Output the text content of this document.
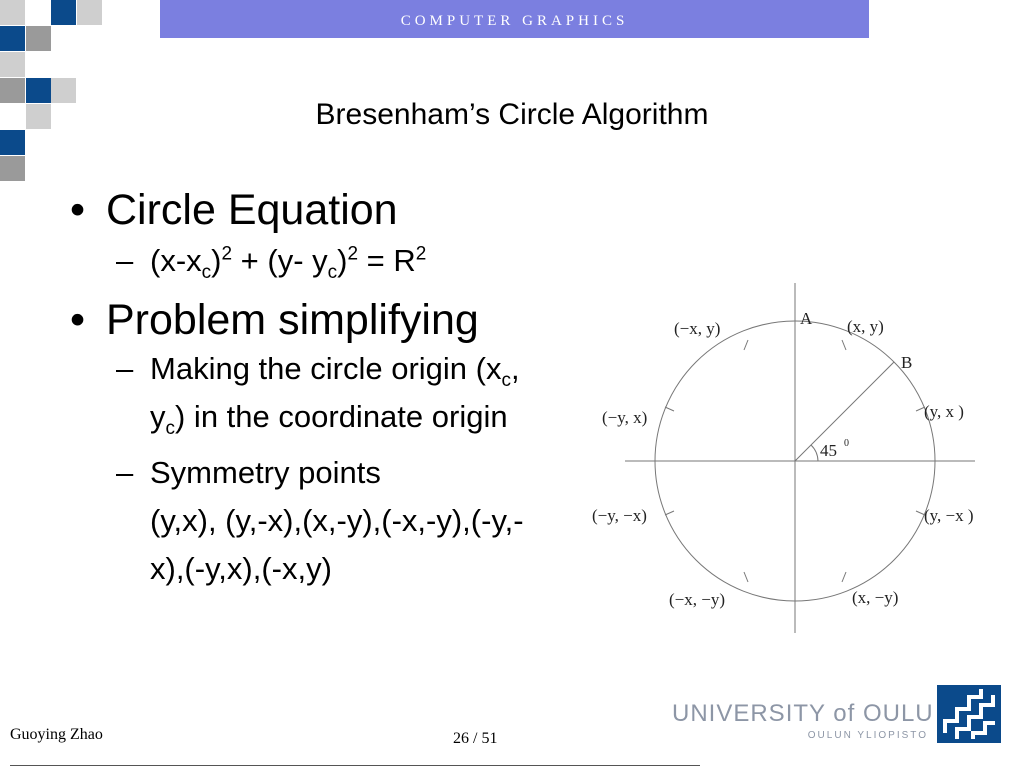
COMPUTER GRAPHICS
Bresenham’s Circle Algorithm
• Circle Equation
– $(x-x_c)^2 + (y-$ $y_c)^2 = R^2$
• Problem simplifying
– Making the circle origin ($x_c$, $y_c$) in the coordinate origin
– Symmetry points
(y,x), (y,-x),(x,-y),(-x,-y),(-y,-x),(-y,x),(-x,y)
A
B
45 0
(x, y)
(−x, y)
(y, x )
(−y, x)
(y, −x )
(−y, −x)
(x, −y)
(−x, −y)
Guoying Zhao	26 / 51
UNIVERSITY of OULU
OULUN YLIOPISTO
